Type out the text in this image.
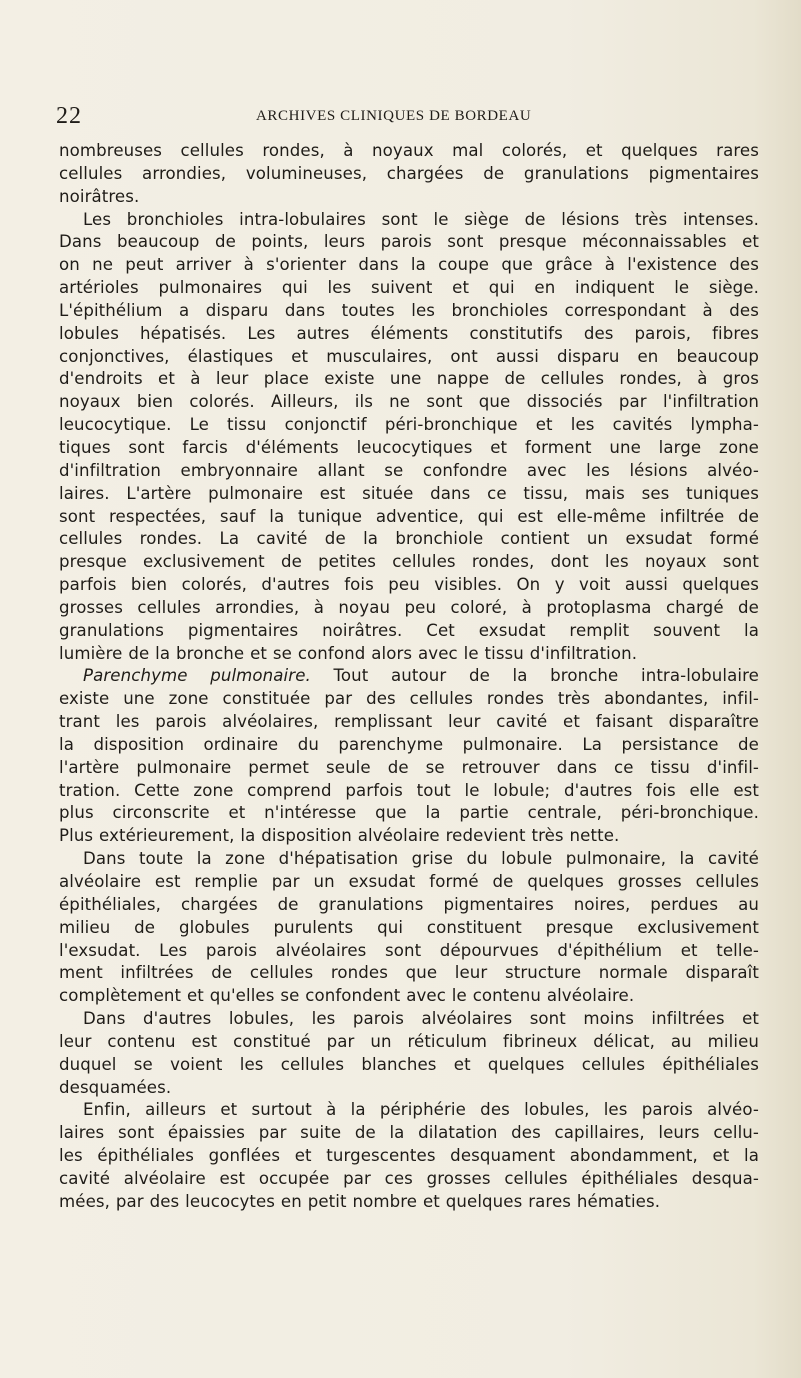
22	ARCHIVES CLINIQUES DE BORDEAU
nombreuses cellules rondes, à noyaux mal colorés, et quelques rares
cellules arrondies, volumineuses, chargées de granulations pigmentaires
noirâtres.
Les bronchioles intra-lobulaires sont le siège de lésions très intenses.
Dans beaucoup de points, leurs parois sont presque méconnaissables et
on ne peut arriver à s'orienter dans la coupe que grâce à l'existence des
artérioles pulmonaires qui les suivent et qui en indiquent le siège.
L'épithélium a disparu dans toutes les bronchioles correspondant à des
lobules hépatisés. Les autres éléments constitutifs des parois, fibres
conjonctives, élastiques et musculaires, ont aussi disparu en beaucoup
d'endroits et à leur place existe une nappe de cellules rondes, à gros
noyaux bien colorés. Ailleurs, ils ne sont que dissociés par l'infiltration
leucocytique. Le tissu conjonctif péri-bronchique et les cavités lympha-
tiques sont farcis d'éléments leucocytiques et forment une large zone
d'infiltration embryonnaire allant se confondre avec les lésions alvéo-
laires. L'artère pulmonaire est située dans ce tissu, mais ses tuniques
sont respectées, sauf la tunique adventice, qui est elle-même infiltrée de
cellules rondes. La cavité de la bronchiole contient un exsudat formé
presque exclusivement de petites cellules rondes, dont les noyaux sont
parfois bien colorés, d'autres fois peu visibles. On y voit aussi quelques
grosses cellules arrondies, à noyau peu coloré, à protoplasma chargé de
granulations pigmentaires noirâtres. Cet exsudat remplit souvent la
lumière de la bronche et se confond alors avec le tissu d'infiltration.
Parenchyme pulmonaire. Tout autour de la bronche intra-lobulaire
existe une zone constituée par des cellules rondes très abondantes, infil-
trant les parois alvéolaires, remplissant leur cavité et faisant disparaître
la disposition ordinaire du parenchyme pulmonaire. La persistance de
l'artère pulmonaire permet seule de se retrouver dans ce tissu d'infil-
tration. Cette zone comprend parfois tout le lobule; d'autres fois elle est
plus circonscrite et n'intéresse que la partie centrale, péri-bronchique.
Plus extérieurement, la disposition alvéolaire redevient très nette.
Dans toute la zone d'hépatisation grise du lobule pulmonaire, la cavité
alvéolaire est remplie par un exsudat formé de quelques grosses cellules
épithéliales, chargées de granulations pigmentaires noires, perdues au
milieu de globules purulents qui constituent presque exclusivement
l'exsudat. Les parois alvéolaires sont dépourvues d'épithélium et telle-
ment infiltrées de cellules rondes que leur structure normale disparaît
complètement et qu'elles se confondent avec le contenu alvéolaire.
Dans d'autres lobules, les parois alvéolaires sont moins infiltrées et
leur contenu est constitué par un réticulum fibrineux délicat, au milieu
duquel se voient les cellules blanches et quelques cellules épithéliales
desquamées.
Enfin, ailleurs et surtout à la périphérie des lobules, les parois alvéo-
laires sont épaissies par suite de la dilatation des capillaires, leurs cellu-
les épithéliales gonflées et turgescentes desquament abondamment, et la
cavité alvéolaire est occupée par ces grosses cellules épithéliales desqua-
mées, par des leucocytes en petit nombre et quelques rares hématies.
